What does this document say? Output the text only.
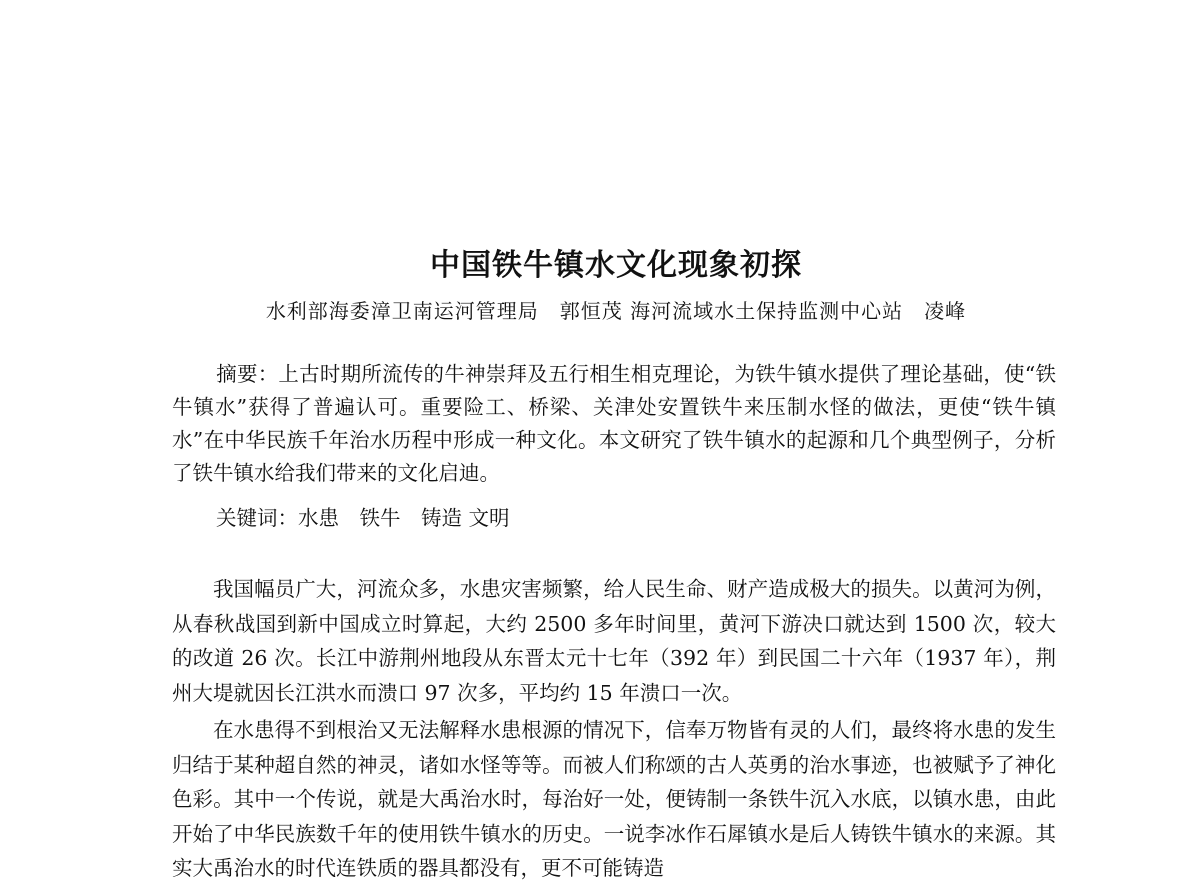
中国铁牛镇水文化现象初探
水利部海委漳卫南运河管理局　郭恒茂 海河流域水土保持监测中心站　凌峰

摘要：上古时期所流传的牛神崇拜及五行相生相克理论，为铁牛镇水提供了理论基础，使“铁牛镇水”获得了普遍认可。重要险工、桥梁、关津处安置铁牛来压制水怪的做法，更使“铁牛镇水”在中华民族千年治水历程中形成一种文化。本文研究了铁牛镇水的起源和几个典型例子，分析了铁牛镇水给我们带来的文化启迪。

关键词：水患　铁牛　铸造 文明

我国幅员广大，河流众多，水患灾害频繁，给人民生命、财产造成极大的损失。以黄河为例，从春秋战国到新中国成立时算起，大约 2500 多年时间里，黄河下游决口就达到 1500 次，较大的改道 26 次。长江中游荆州地段从东晋太元十七年（392 年）到民国二十六年（1937 年），荆州大堤就因长江洪水而溃口 97 次多，平均约 15 年溃口一次。

在水患得不到根治又无法解释水患根源的情况下，信奉万物皆有灵的人们，最终将水患的发生归结于某种超自然的神灵，诸如水怪等等。而被人们称颂的古人英勇的治水事迹，也被赋予了神化色彩。其中一个传说，就是大禹治水时，每治好一处，便铸制一条铁牛沉入水底，以镇水患，由此开始了中华民族数千年的使用铁牛镇水的历史。一说李冰作石犀镇水是后人铸铁牛镇水的来源。其实大禹治水的时代连铁质的器具都没有，更不可能铸造
